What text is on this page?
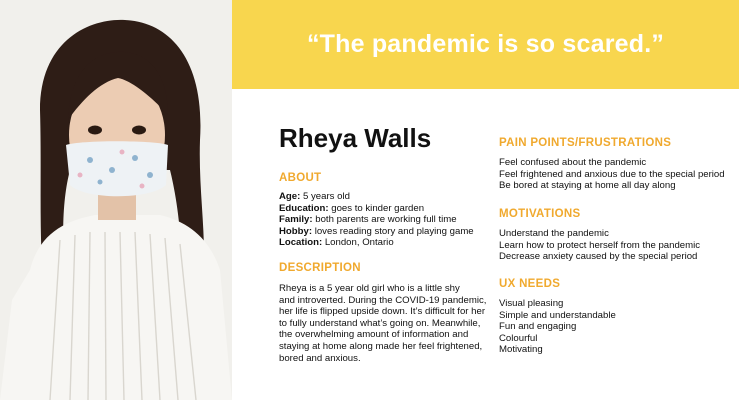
“The pandemic is so scared.”
Rheya Walls
ABOUT
Age: 5 years old
Education: goes to kinder garden
Family: both parents are working full time
Hobby: loves reading story and playing game
Location: London, Ontario
DESCRIPTION
Rheya is a 5 year old girl who is a little shy
and introverted. During the COVID-19 pandemic,
her life is flipped upside down. It’s difficult for her
to fully understand what’s going on. Meanwhile,
the overwhelming amount of information and
staying at home along made her feel frightened,
bored and anxious.
PAIN POINTS/FRUSTRATIONS
Feel confused about the pandemic
Feel frightened and anxious due to the special period
Be bored at staying at home all day along
MOTIVATIONS
Understand the pandemic
Learn how to protect herself from the pandemic
Decrease anxiety caused by the special period
UX NEEDS
Visual pleasing
Simple and understandable
Fun and engaging
Colourful
Motivating
